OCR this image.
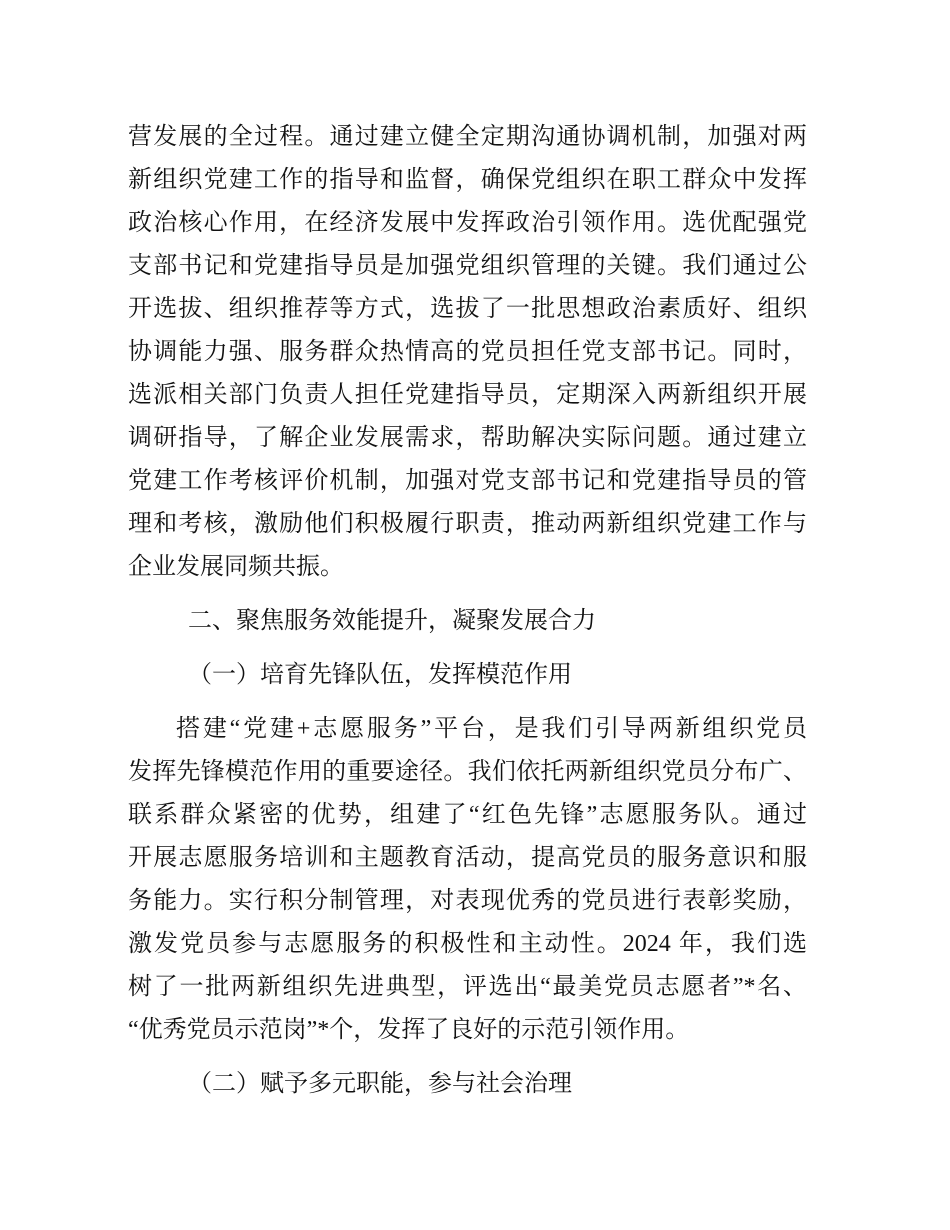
营发展的全过程。通过建立健全定期沟通协调机制，加强对两
新组织党建工作的指导和监督，确保党组织在职工群众中发挥
政治核心作用，在经济发展中发挥政治引领作用。选优配强党
支部书记和党建指导员是加强党组织管理的关键。我们通过公
开选拔、组织推荐等方式，选拔了一批思想政治素质好、组织
协调能力强、服务群众热情高的党员担任党支部书记。同时，
选派相关部门负责人担任党建指导员，定期深入两新组织开展
调研指导，了解企业发展需求，帮助解决实际问题。通过建立
党建工作考核评价机制，加强对党支部书记和党建指导员的管
理和考核，激励他们积极履行职责，推动两新组织党建工作与
企业发展同频共振。
二、聚焦服务效能提升，凝聚发展合力
（一）培育先锋队伍，发挥模范作用
搭建“党建+志愿服务”平台，是我们引导两新组织党员
发挥先锋模范作用的重要途径。我们依托两新组织党员分布广、
联系群众紧密的优势，组建了“红色先锋”志愿服务队。通过
开展志愿服务培训和主题教育活动，提高党员的服务意识和服
务能力。实行积分制管理，对表现优秀的党员进行表彰奖励，
激发党员参与志愿服务的积极性和主动性。2024 年，我们选
树了一批两新组织先进典型，评选出“最美党员志愿者”*名、
“优秀党员示范岗”*个，发挥了良好的示范引领作用。
（二）赋予多元职能，参与社会治理
